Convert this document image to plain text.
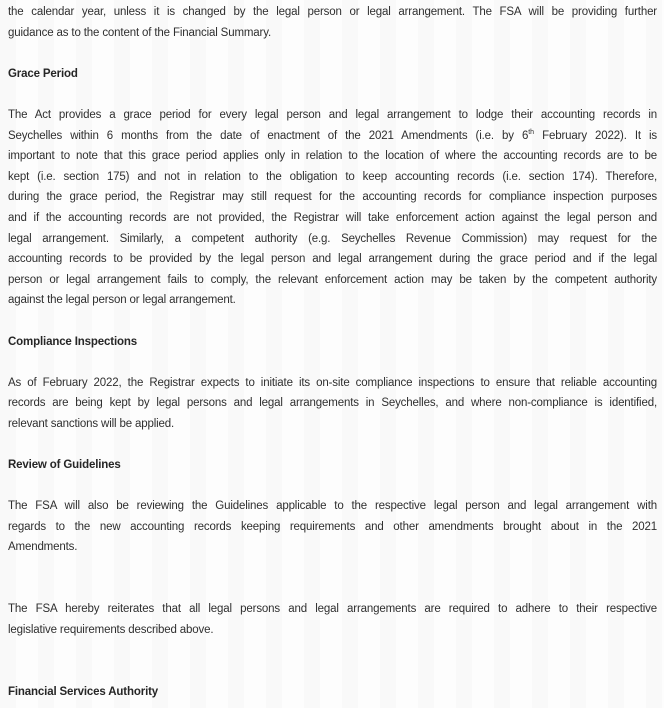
the calendar year, unless it is changed by the legal person or legal arrangement. The FSA will be providing further
guidance as to the content of the Financial Summary.
Grace Period
The Act provides a grace period for every legal person and legal arrangement to lodge their accounting records in
Seychelles within 6 months from the date of enactment of the 2021 Amendments (i.e. by 6th February 2022). It is
important to note that this grace period applies only in relation to the location of where the accounting records are to be
kept (i.e. section 175) and not in relation to the obligation to keep accounting records (i.e. section 174). Therefore,
during the grace period, the Registrar may still request for the accounting records for compliance inspection purposes
and if the accounting records are not provided, the Registrar will take enforcement action against the legal person and
legal arrangement. Similarly, a competent authority (e.g. Seychelles Revenue Commission) may request for the
accounting records to be provided by the legal person and legal arrangement during the grace period and if the legal
person or legal arrangement fails to comply, the relevant enforcement action may be taken by the competent authority
against the legal person or legal arrangement.
Compliance Inspections
As of February 2022, the Registrar expects to initiate its on-site compliance inspections to ensure that reliable accounting
records are being kept by legal persons and legal arrangements in Seychelles, and where non-compliance is identified,
relevant sanctions will be applied.
Review of Guidelines
The FSA will also be reviewing the Guidelines applicable to the respective legal person and legal arrangement with
regards to the new accounting records keeping requirements and other amendments brought about in the 2021
Amendments.
The FSA hereby reiterates that all legal persons and legal arrangements are required to adhere to their respective
legislative requirements described above.
Financial Services Authority
